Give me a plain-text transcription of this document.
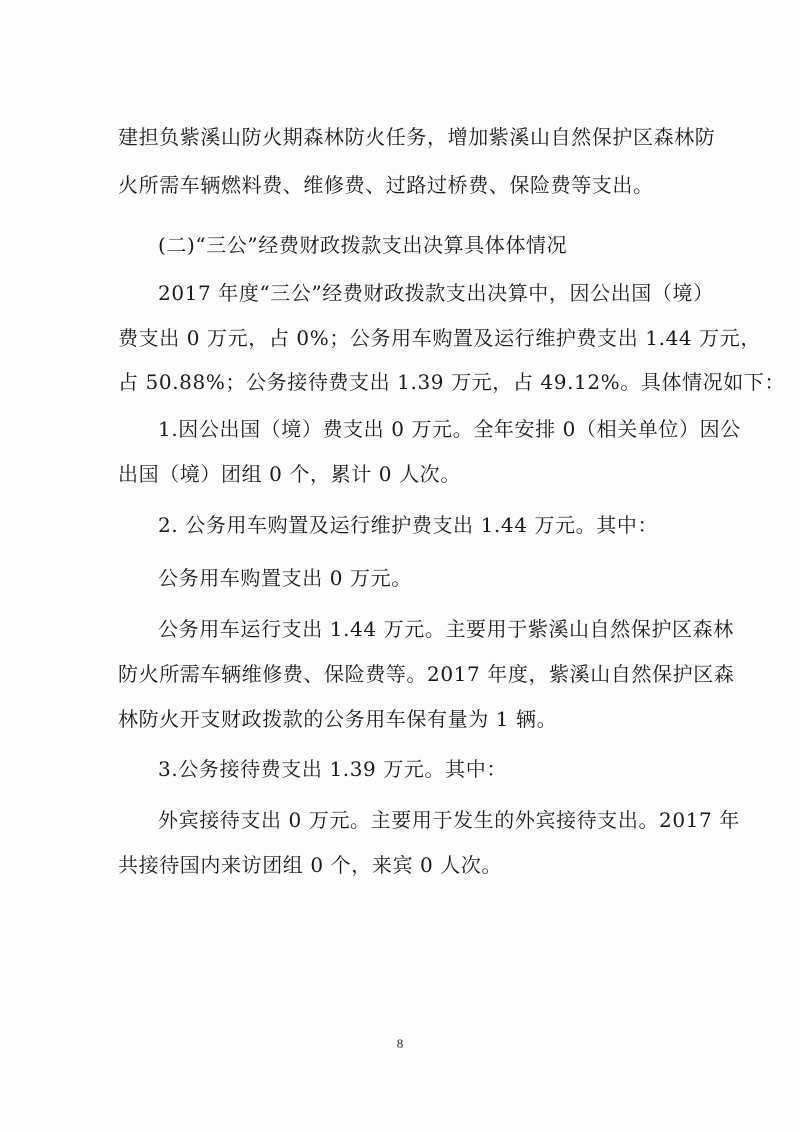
建担负紫溪山防火期森林防火任务，增加紫溪山自然保护区森林防
火所需车辆燃料费、维修费、过路过桥费、保险费等支出。
(二)“三公”经费财政拨款支出决算具体体情况
2017 年度“三公”经费财政拨款支出决算中，因公出国（境）
费支出 0 万元，占 0%；公务用车购置及运行维护费支出 1.44 万元，
占 50.88%；公务接待费支出 1.39 万元，占 49.12%。具体情况如下：
1.因公出国（境）费支出 0 万元。全年安排 0（相关单位）因公
出国（境）团组 0 个，累计 0 人次。
2. 公务用车购置及运行维护费支出 1.44 万元。其中：
公务用车购置支出 0 万元。
公务用车运行支出 1.44 万元。主要用于紫溪山自然保护区森林
防火所需车辆维修费、保险费等。2017 年度，紫溪山自然保护区森
林防火开支财政拨款的公务用车保有量为 1 辆。
3.公务接待费支出 1.39 万元。其中：
外宾接待支出 0 万元。主要用于发生的外宾接待支出。2017 年
共接待国内来访团组 0 个，来宾 0 人次。
8
